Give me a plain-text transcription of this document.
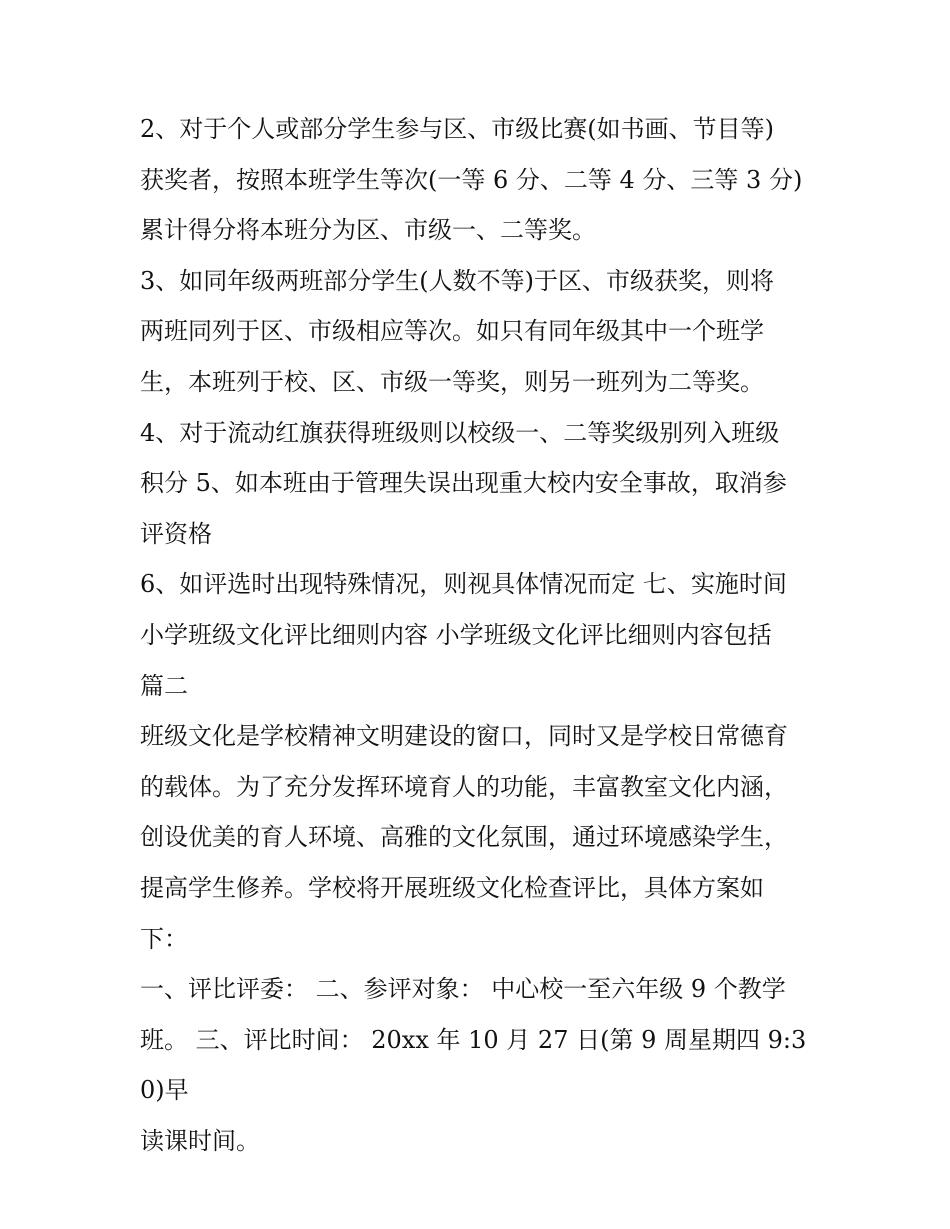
2、对于个人或部分学生参与区、市级比赛(如书画、节目等)
获奖者，按照本班学生等次(一等 6 分、二等 4 分、三等 3 分)
累计得分将本班分为区、市级一、二等奖。

3、如同年级两班部分学生(人数不等)于区、市级获奖，则将
两班同列于区、市级相应等次。如只有同年级其中一个班学
生，本班列于校、区、市级一等奖，则另一班列为二等奖。

4、对于流动红旗获得班级则以校级一、二等奖级别列入班级
积分 5、如本班由于管理失误出现重大校内安全事故，取消参
评资格

6、如评选时出现特殊情况，则视具体情况而定 七、实施时间
小学班级文化评比细则内容 小学班级文化评比细则内容包括
篇二

班级文化是学校精神文明建设的窗口，同时又是学校日常德育
的载体。为了充分发挥环境育人的功能，丰富教室文化内涵，
创设优美的育人环境、高雅的文化氛围，通过环境感染学生，
提高学生修养。学校将开展班级文化检查评比，具体方案如
下：

一、评比评委： 二、参评对象： 中心校一至六年级 9 个教学
班。 三、评比时间： 20xx 年 10 月 27 日(第 9 周星期四 9:30)早
读课时间。
